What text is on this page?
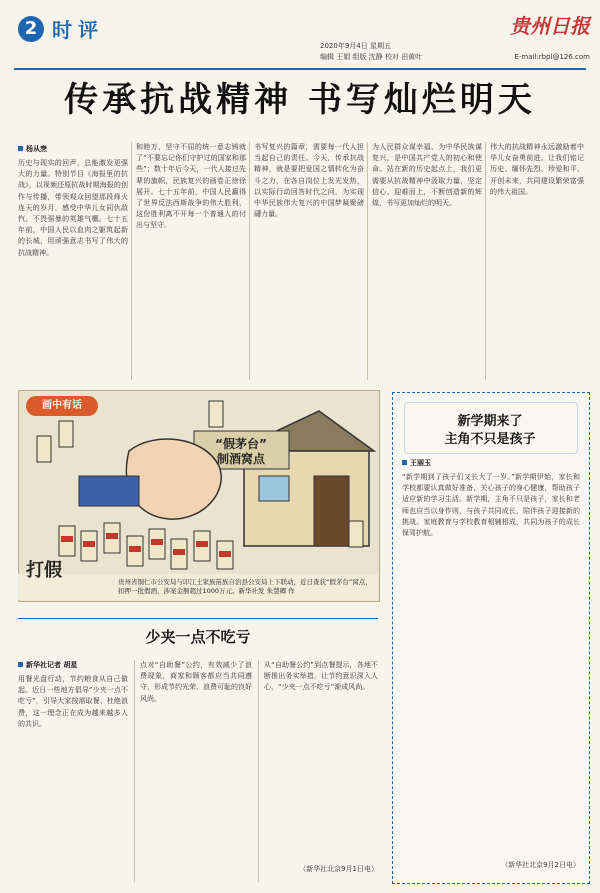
2 时评	贵州日报
2020年9月4日 星期五
编辑 王娟 组版 沈静 校对 田黄叶	E-mail:rbpl@126.com
传承抗战精神 书写灿烂明天
杨从焘
历史与现实的回声，总能激发更强大的力量。特别节目《海报里的抗战》，以视频还原抗战时期海报的创作与传播，带领观众回望那段烽火连天的岁月，感受中华儿女同仇敌忾、不畏强暴的英雄气概。七十五年前，中国人民以血肉之躯筑起新的长城，用顽强意志书写了伟大的抗战精神。
和睦万，坚守不屈的统一意志铸就了“不要忘记你们守护过的国家和那些”；数十年后今天，一代人接过先辈的旗帜，民族复兴的画卷正徐徐展开。七十五年前，中国人民赢得了世界反法西斯战争的伟大胜利，这份胜利离不开每一个普通人的付出与坚守。
书写复兴的篇章，需要每一代人担当起自己的责任。今天，传承抗战精神，就是要把爱国之情转化为奋斗之力，在各自岗位上发光发热，以实际行动回答时代之问，为实现中华民族伟大复兴的中国梦凝聚磅礴力量。
为人民群众谋幸福、为中华民族谋复兴，是中国共产党人的初心和使命。站在新的历史起点上，我们更需要从抗战精神中汲取力量，坚定信心、迎难而上，不断创造新的辉煌，书写更加灿烂的明天。
伟大的抗战精神永远激励着中华儿女奋勇前进。让我们铭记历史、缅怀先烈、珍爱和平、开创未来，共同建设繁荣富强的伟大祖国。
“假茅台”
制酒窝点
画中有话
打假
贵州省铜仁市公安局与印江土家族苗族自治县公安局上下联动，近日查获“假茅台”窝点，扣押一批假酒，涉案金额超过1000万元。新华社发 朱慧卿 作
新学期来了
主角不只是孩子
王丽玉
“新学期到了孩子们又长大了一岁。”新学期伊始，家长和学校都要认真做好准备，关心孩子的身心健康，帮助孩子适应新的学习生活。新学期，主角不只是孩子，家长和老师也应当以身作则，与孩子共同成长，陪伴孩子迎接新的挑战。家庭教育与学校教育相辅相成，共同为孩子的成长保驾护航。
（新华社北京9月2日电）
少夹一点不吃亏
新华社记者 胡星
用餐光盘行动，节约粮食从自己做起。近日一些地方倡导“少夹一点不吃亏”，引导大家按需取餐、杜绝浪费，这一理念正在成为越来越多人的共识。
点对“自助餐”公约，有效减少了浪费现象，商家和顾客都应当共同遵守，形成节约光荣、浪费可耻的良好风尚。
从“自助餐公约”到点餐提示，各地不断推出务实举措，让节约意识深入人心，“少夹一点不吃亏”渐成风尚。
（新华社北京9月1日电）
